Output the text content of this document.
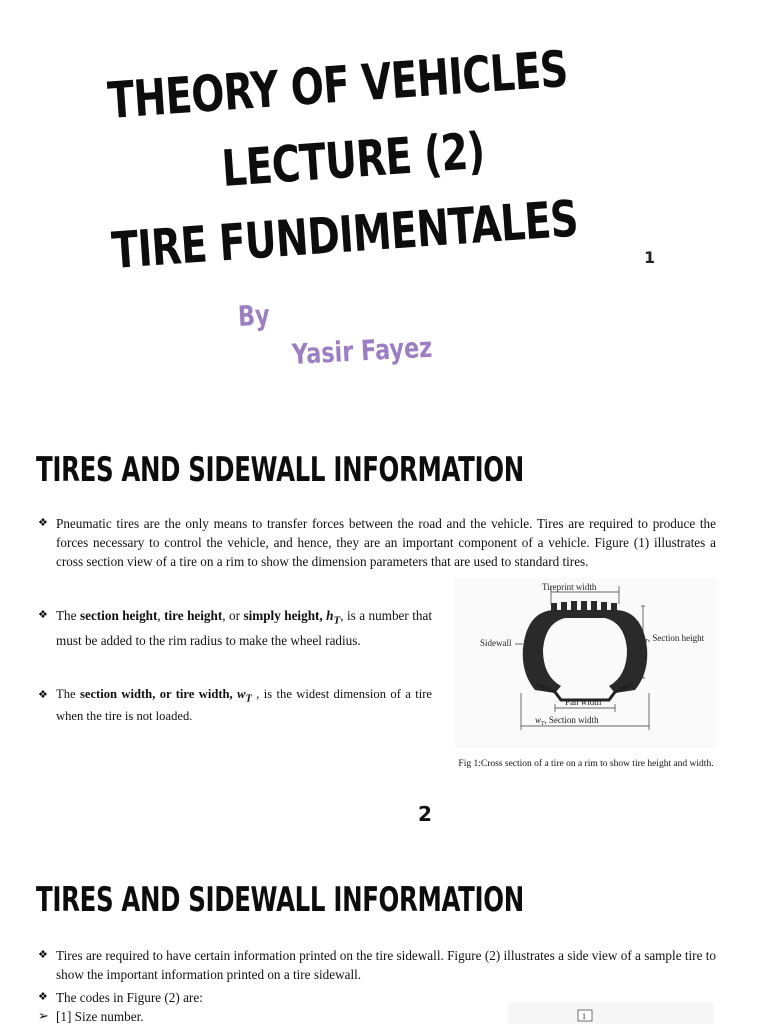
THEORY OF VEHICLES
LECTURE (2)
TIRE FUNDIMENTALES	1
By
Yasir Fayez
TIRES AND SIDEWALL INFORMATION
❖ Pneumatic tires are the only means to transfer forces between the road and the vehicle. Tires are required to produce the forces necessary to control the vehicle, and hence, they are an important component of a vehicle. Figure (1) illustrates a cross section view of a tire on a rim to show the dimension parameters that are used to standard tires.
❖ The section height, tire height, or simply height, $h_T$, is a number that must be added to the rim radius to make the wheel radius.
❖ The section width, or tire width, $w_T$ , is the widest dimension of a tire when the tire is not loaded.
Tireprint width
Sidewall	$h_T$, Section height
Pan width
$w_T$, Section width
Fig 1:Cross section of a tire on a rim to show tire height and width.
2
TIRES AND SIDEWALL INFORMATION
❖ Tires are required to have certain information printed on the tire sidewall. Figure (2) illustrates a side view of a sample tire to show the important information printed on a tire sidewall.
❖ The codes in Figure (2) are:
➢ [1] Size number.	1
